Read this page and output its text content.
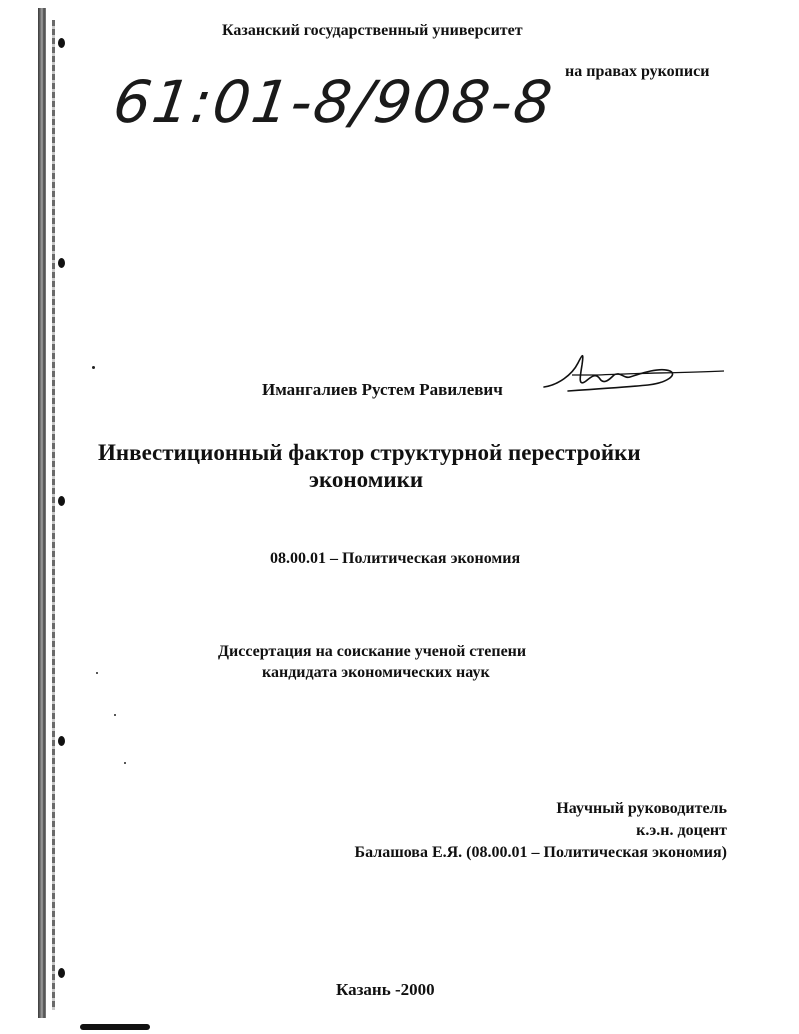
Казанский государственный университет
на правах рукописи
61:01-8/908-8
Имангалиев Рустем Равилевич
Инвестиционный фактор структурной перестройки
экономики
08.00.01 – Политическая экономия
Диссертация на соискание ученой степени
кандидата экономических наук
Научный руководитель
к.э.н. доцент
Балашова Е.Я. (08.00.01 – Политическая экономия)
Казань -2000
